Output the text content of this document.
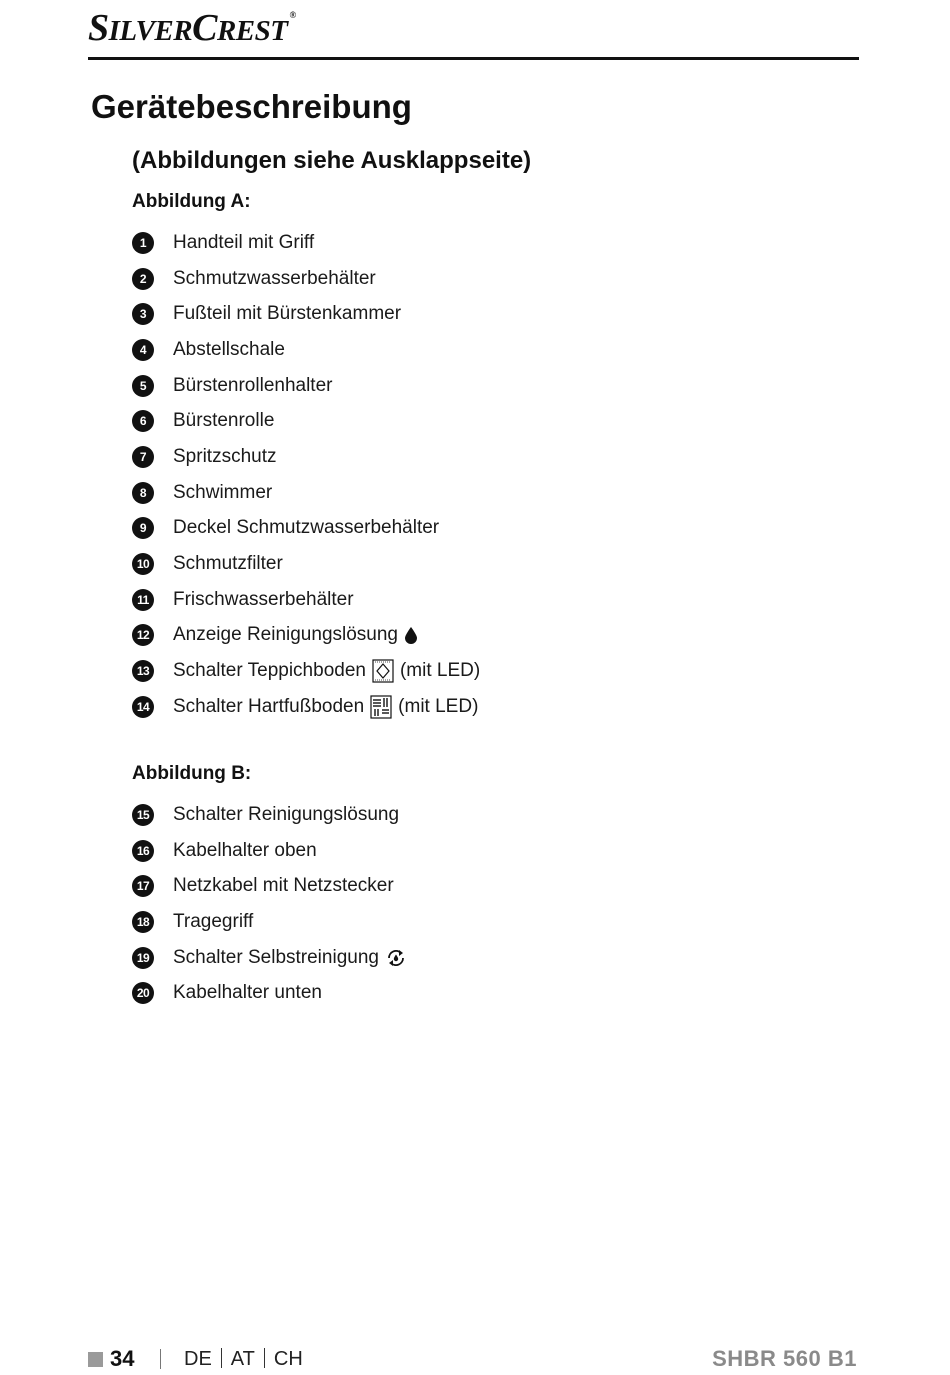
SILVERCREST ®
Gerätebeschreibung
(Abbildungen siehe Ausklappseite)
Abbildung A:
1	Handteil mit Griff
2	Schmutzwasserbehälter
3	Fußteil mit Bürstenkammer
4	Abstellschale
5	Bürstenrollenhalter
6	Bürstenrolle
7	Spritzschutz
8	Schwimmer
9	Deckel Schmutzwasserbehälter
10 Schmutzfilter
11 Frischwasserbehälter
12 Anzeige Reinigungslösung
13 Schalter Teppichboden (mit LED)
14 Schalter Hartfußboden (mit LED)
Abbildung B:
15 Schalter Reinigungslösung
16 Kabelhalter oben
17 Netzkabel mit Netzstecker
18 Tragegriff
19 Schalter Selbstreinigung
20 Kabelhalter unten
34 DE AT CH	SHBR 560 B1
